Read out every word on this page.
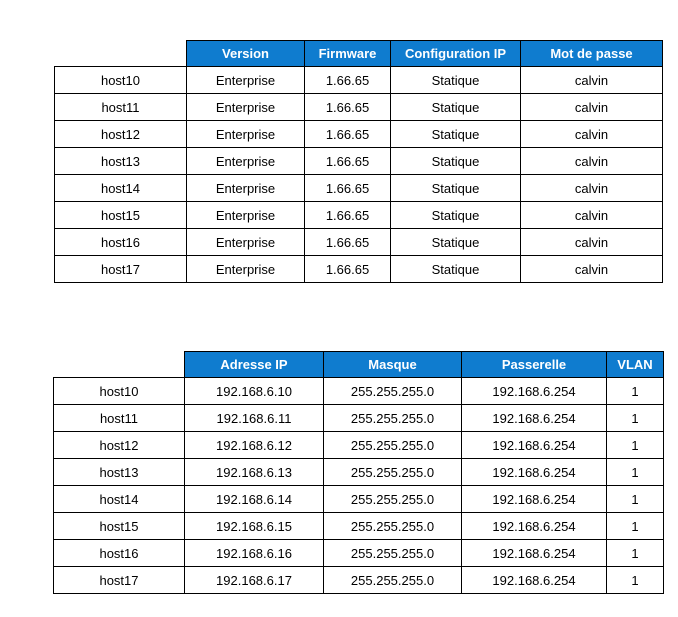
	Version	Firmware	Configuration IP	Mot de passe
host10	Enterprise	1.66.65	Statique	calvin
host11	Enterprise	1.66.65	Statique	calvin
host12	Enterprise	1.66.65	Statique	calvin
host13	Enterprise	1.66.65	Statique	calvin
host14	Enterprise	1.66.65	Statique	calvin
host15	Enterprise	1.66.65	Statique	calvin
host16	Enterprise	1.66.65	Statique	calvin
host17	Enterprise	1.66.65	Statique	calvin
	Adresse IP	Masque	Passerelle	VLAN
host10	192.168.6.10	255.255.255.0	192.168.6.254	1
host11	192.168.6.11	255.255.255.0	192.168.6.254	1
host12	192.168.6.12	255.255.255.0	192.168.6.254	1
host13	192.168.6.13	255.255.255.0	192.168.6.254	1
host14	192.168.6.14	255.255.255.0	192.168.6.254	1
host15	192.168.6.15	255.255.255.0	192.168.6.254	1
host16	192.168.6.16	255.255.255.0	192.168.6.254	1
host17	192.168.6.17	255.255.255.0	192.168.6.254	1
